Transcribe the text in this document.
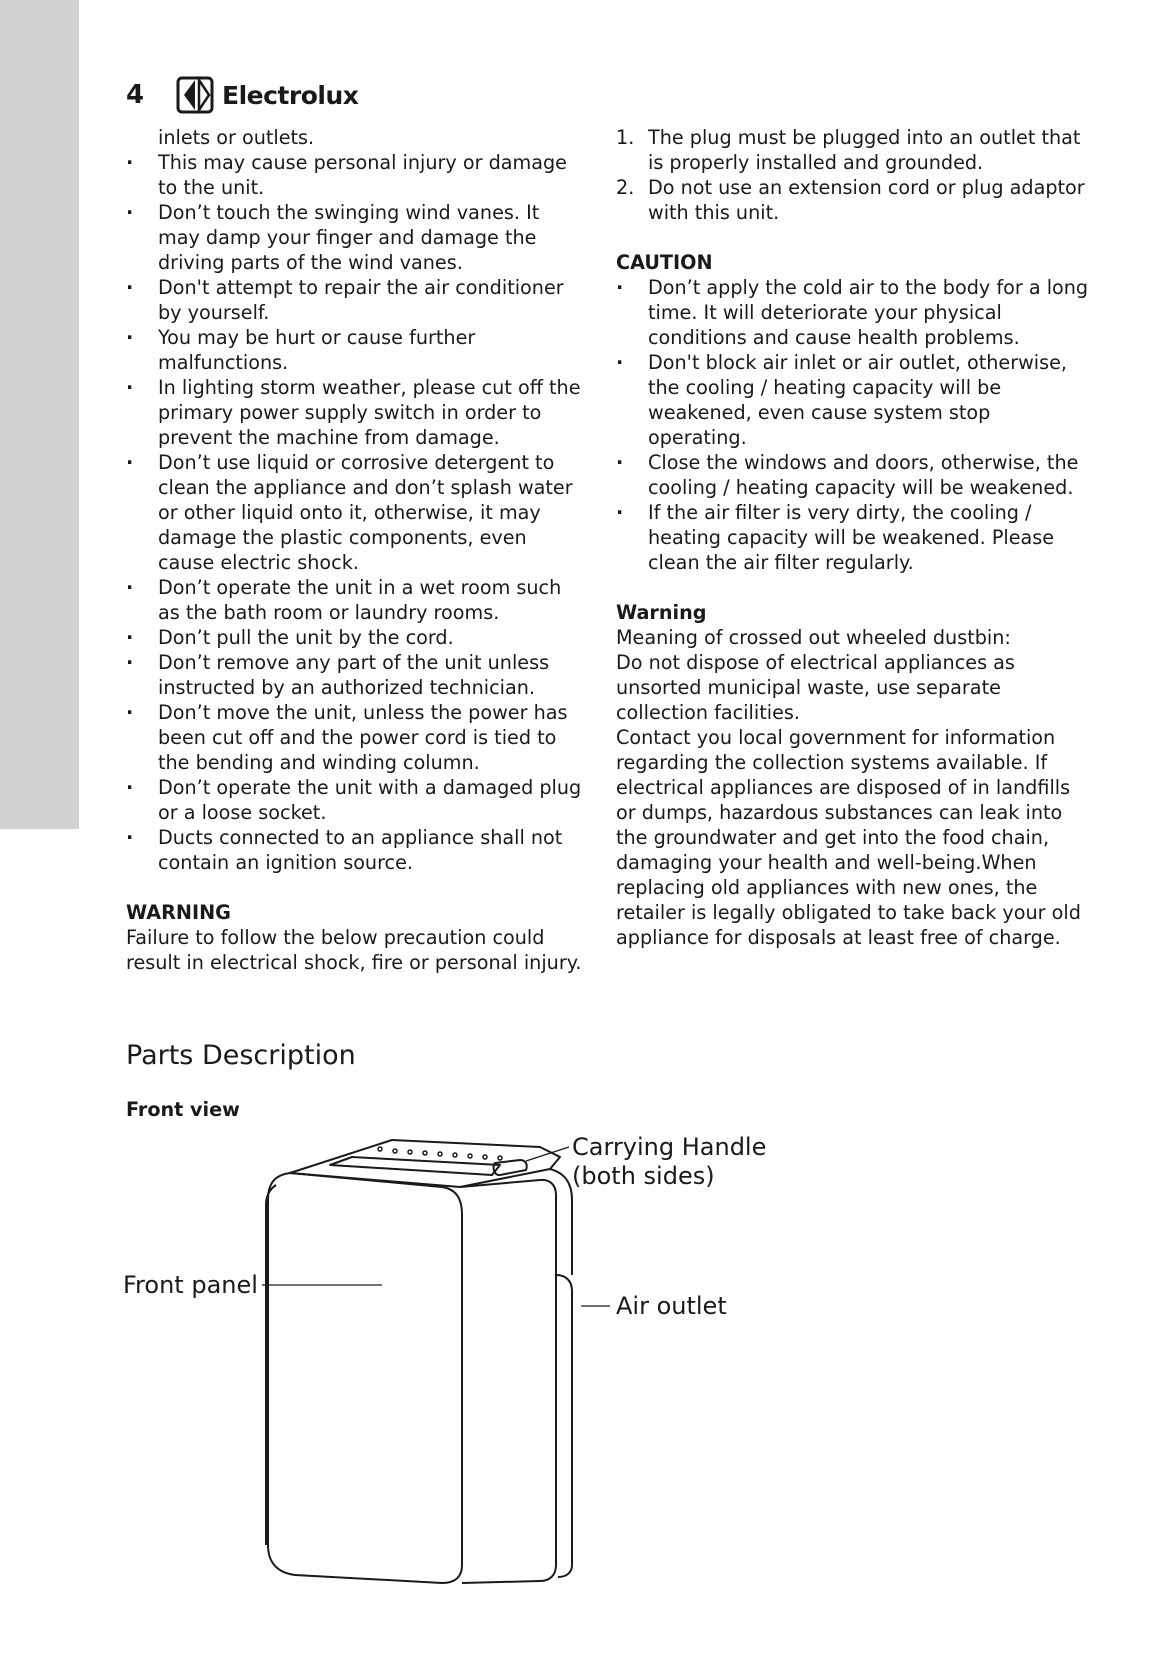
4	Electrolux
inlets or outlets.
· This may cause personal injury or damage to the unit.
· Don’t touch the swinging wind vanes. It may damp your finger and damage the driving parts of the wind vanes.
· Don't attempt to repair the air conditioner by yourself.
· You may be hurt or cause further malfunctions.
· In lighting storm weather, please cut off the primary power supply switch in order to prevent the machine from damage.
· Don’t use liquid or corrosive detergent to clean the appliance and don’t splash water or other liquid onto it, otherwise, it may damage the plastic components, even cause electric shock.
· Don’t operate the unit in a wet room such as the bath room or laundry rooms.
· Don’t pull the unit by the cord.
· Don’t remove any part of the unit unless instructed by an authorized technician.
· Don’t move the unit, unless the power has been cut off and the power cord is tied to the bending and winding column.
· Don’t operate the unit with a damaged plug or a loose socket.
· Ducts connected to an appliance shall not contain an ignition source.
WARNING
Failure to follow the below precaution could result in electrical shock, fire or personal injury.
1. The plug must be plugged into an outlet that is properly installed and grounded.
2. Do not use an extension cord or plug adaptor with this unit.
CAUTION
· Don’t apply the cold air to the body for a long time. It will deteriorate your physical conditions and cause health problems.
· Don't block air inlet or air outlet, otherwise, the cooling / heating capacity will be weakened, even cause system stop operating.
· Close the windows and doors, otherwise, the cooling / heating capacity will be weakened.
· If the air filter is very dirty, the cooling / heating capacity will be weakened. Please clean the air filter regularly.
Warning
Meaning of crossed out wheeled dustbin:
Do not dispose of electrical appliances as unsorted municipal waste, use separate collection facilities.
Contact you local government for information regarding the collection systems available. If electrical appliances are disposed of in landfills or dumps, hazardous substances can leak into the groundwater and get into the food chain, damaging your health and well-being.When replacing old appliances with new ones, the retailer is legally obligated to take back your old appliance for disposals at least free of charge.
Parts Description
Front view
Carrying Handle
(both sides)
Front panel
Air outlet
